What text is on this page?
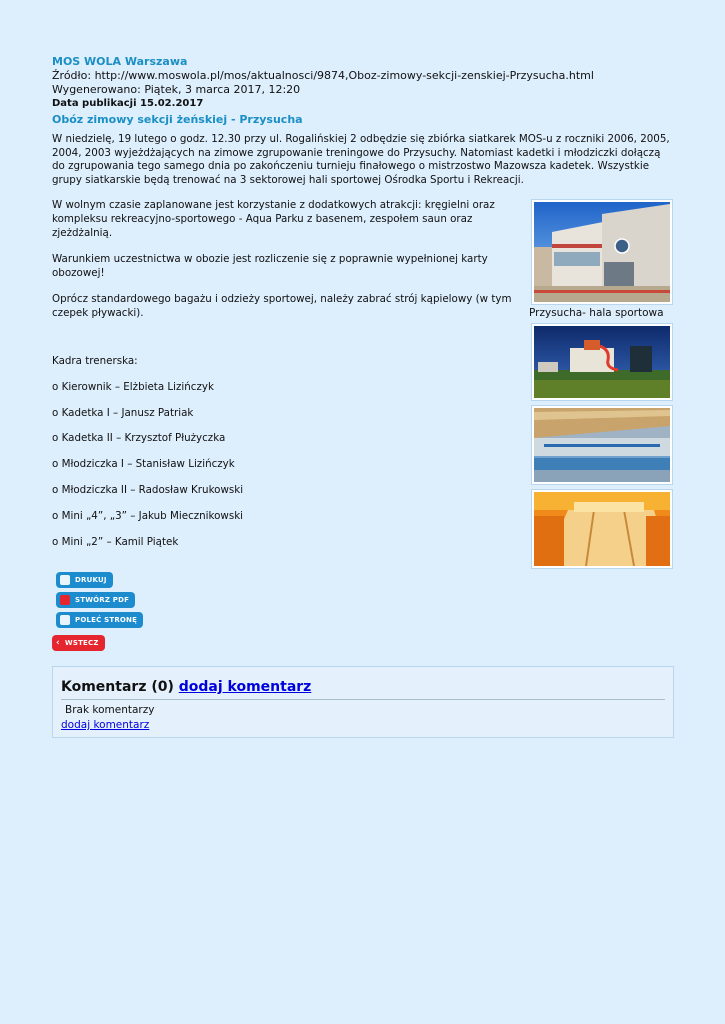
MOS WOLA Warszawa

Źródło: http://www.moswola.pl/mos/aktualnosci/9874,Oboz-zimowy-sekcji-zenskiej-Przysucha.html

Wygenerowano: Piątek, 3 marca 2017, 12:20

Data publikacji 15.02.2017

Obóz zimowy sekcji żeńskiej - Przysucha

W niedzielę, 19 lutego o godz. 12.30 przy ul. Rogalińskiej 2 odbędzie się zbiórka siatkarek MOS-u z roczniki 2006, 2005, 2004, 2003 wyjeżdżających na zimowe zgrupowanie treningowe do Przysuchy. Natomiast kadetki i młodziczki dołączą do zgrupowania tego samego dnia po zakończeniu turnieju finałowego o mistrzostwo Mazowsza kadetek. Wszystkie grupy siatkarskie będą trenować na 3 sektorowej hali sportowej Ośrodka Sportu i Rekreacji.

W wolnym czasie zaplanowane jest korzystanie z dodatkowych atrakcji: kręgielni oraz kompleksu rekreacyjno-sportowego - Aqua Parku z basenem, zespołem saun oraz zjeżdżalnią.

Warunkiem uczestnictwa w obozie jest rozliczenie się z poprawnie wypełnionej karty obozowej!

Oprócz standardowego bagażu i odzieży sportowej, należy zabrać strój kąpielowy (w tym czepek pływacki).

Kadra trenerska:

o Kierownik – Elżbieta Lizińczyk

o Kadetka I – Janusz Patriak

o Kadetka II – Krzysztof Płużyczka

o Młodziczka I – Stanisław Lizińczyk

o Młodziczka II – Radosław Krukowski

o Mini „4”, „3” – Jakub Miecznikowski

o Mini „2” – Kamil Piątek

Przysucha- hala sportowa
DRUKUJ
STWÓRZ PDF
POLEĆ STRONĘ
‹ WSTECZ
Komentarz (0) dodaj komentarz
Brak komentarzy
dodaj komentarz
